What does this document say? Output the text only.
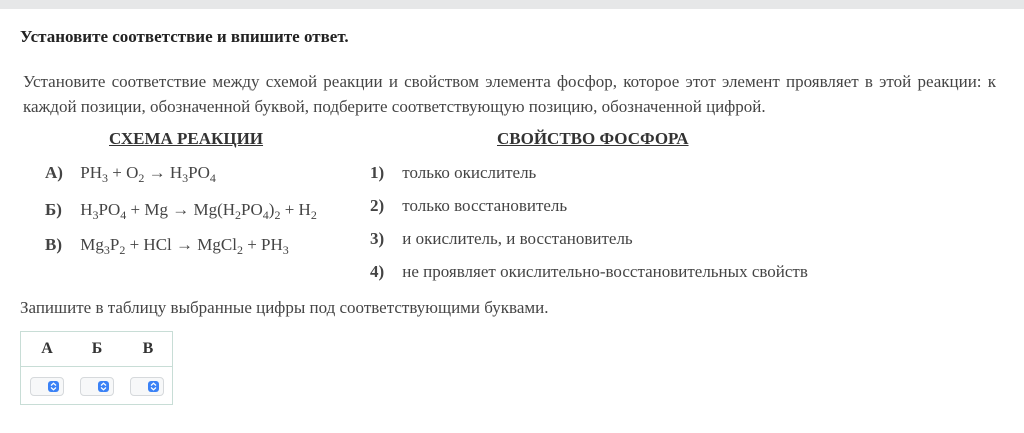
Установите соответствие и впишите ответ.
Установите соответствие между схемой реакции и свойством элемента фосфор, которое этот элемент проявляет в этой реакции: к каждой позиции, обозначенной буквой, подберите соответствующую позицию, обозначенной цифрой.
СХЕМА РЕАКЦИИ	СВОЙСТВО ФОСФОРА
А) $PH_3 + O_2 \to H_3PO_4$
Б) $H_3PO_4 + Mg \to Mg(H_2PO_4)_2 + H_2$
В) $Mg_3P_2$ + HCl → MgCl$_2$ + $PH_3$
1) только окислитель
2) только восстановитель
3) и окислитель, и восстановитель
4) не проявляет окислительно-восстановительных свойств
Запишите в таблицу выбранные цифры под соответствующими буквами.
А	Б	В
